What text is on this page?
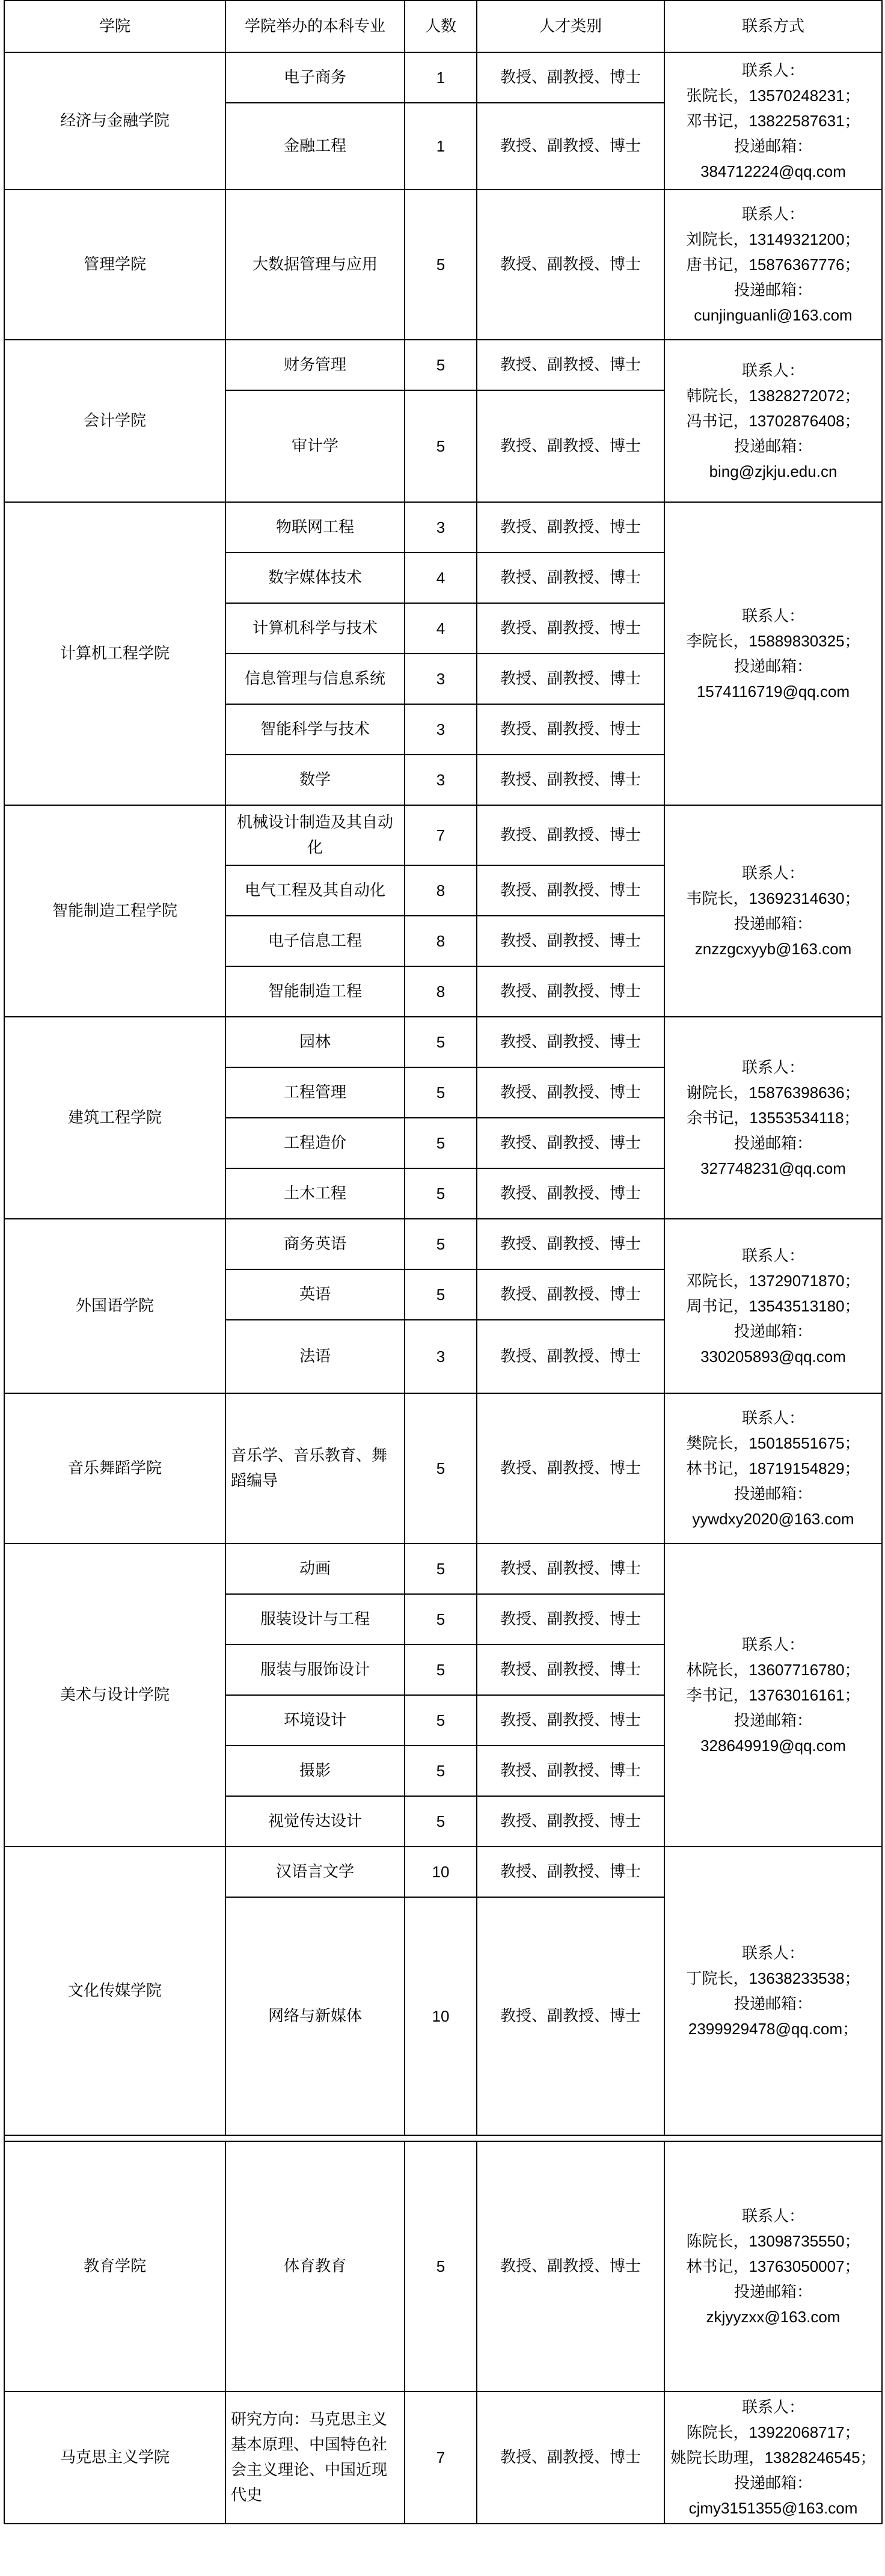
学院	学院举办的本科专业	人数	人才类别	联系方式
经济与金融学院	电子商务	1	教授、副教授、博士	联系人：
张院长，13570248231；
邓书记，13822587631；
投递邮箱：
384712224@qq.com

	金融工程	1	教授、副教授、博士	
管理学院	大数据管理与应用	5	教授、副教授、博士	联系人：
刘院长，13149321200；
唐书记，15876367776；
投递邮箱：
cunjinguanli@163.com

会计学院	财务管理	5	教授、副教授、博士	联系人：
韩院长，13828272072；
冯书记，13702876408；
投递邮箱：
bing@zjkju.edu.cn

	审计学	5	教授、副教授、博士	
计算机工程学院	物联网工程	3	教授、副教授、博士	联系人：
李院长，15889830325；
投递邮箱：
1574116719@qq.com

	数字媒体技术	4	教授、副教授、博士	
	计算机科学与技术	4	教授、副教授、博士	
	信息管理与信息系统	3	教授、副教授、博士	
	智能科学与技术	3	教授、副教授、博士	
	数学	3	教授、副教授、博士	
智能制造工程学院	机械设计制造及其自动化	7	教授、副教授、博士	联系人：
韦院长，13692314630；
投递邮箱：
znzzgcxyyb@163.com

	电气工程及其自动化	8	教授、副教授、博士	
	电子信息工程	8	教授、副教授、博士	
	智能制造工程	8	教授、副教授、博士	
建筑工程学院	园林	5	教授、副教授、博士	联系人：
谢院长，15876398636；
余书记，13553534118；
投递邮箱：
327748231@qq.com

	工程管理	5	教授、副教授、博士	
	工程造价	5	教授、副教授、博士	
	土木工程	5	教授、副教授、博士	
外国语学院	商务英语	5	教授、副教授、博士	联系人：
邓院长，13729071870；
周书记，13543513180；
投递邮箱：
330205893@qq.com

	英语	5	教授、副教授、博士	
	法语	3	教授、副教授、博士	
音乐舞蹈学院	音乐学、音乐教育、舞蹈编导	5	教授、副教授、博士	联系人：
樊院长，15018551675；
林书记，18719154829；
投递邮箱：
yywdxy2020@163.com

美术与设计学院	动画	5	教授、副教授、博士	联系人：
林院长，13607716780；
李书记，13763016161；
投递邮箱：
328649919@qq.com

	服装设计与工程	5	教授、副教授、博士	
	服装与服饰设计	5	教授、副教授、博士	
	环境设计	5	教授、副教授、博士	
	摄影	5	教授、副教授、博士	
	视觉传达设计	5	教授、副教授、博士	
文化传媒学院	汉语言文学	10	教授、副教授、博士	联系人：
丁院长，13638233538；
投递邮箱：
2399929478@qq.com；

	网络与新媒体	10	教授、副教授、博士	

教育学院	体育教育	5	教授、副教授、博士	联系人：
陈院长，13098735550；
林书记，13763050007；
投递邮箱：
zkjyyzxx@163.com

马克思主义学院	研究方向：马克思主义基本原理、中国特色社会主义理论、中国近现代史	7	教授、副教授、博士	联系人：
陈院长，13922068717；
姚院长助理，13828246545；
投递邮箱：
cjmy3151355@163.com
